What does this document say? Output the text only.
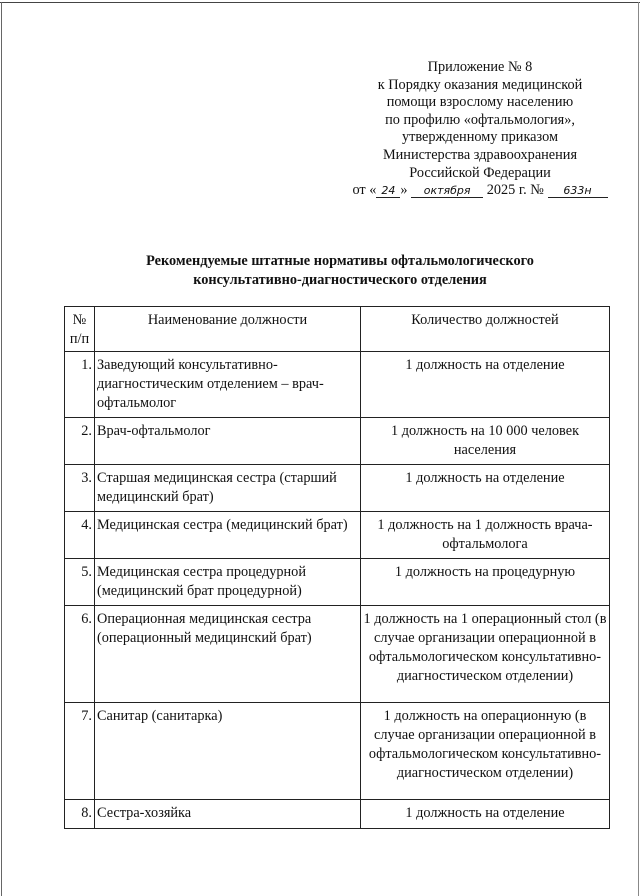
Приложение № 8
к Порядку оказания медицинской
помощи взрослому населению
по профилю «офтальмология»,
утвержденному приказом
Министерства здравоохранения
Российской Федерации
от « 24 » октября 2025 г. № 633н
Рекомендуемые штатные нормативы офтальмологического
консультативно-диагностического отделения
№ п/п	Наименование должности	Количество должностей
1.	Заведующий консультативно-диагностическим отделением – врач-офтальмолог	1 должность на отделение
2.	Врач-офтальмолог	1 должность на 10 000 человек населения
3.	Старшая медицинская сестра (старший медицинский брат)	1 должность на отделение
4.	Медицинская сестра (медицинский брат)	1 должность на 1 должность врача-офтальмолога
5.	Медицинская сестра процедурной (медицинский брат процедурной)	1 должность на процедурную
6.	Операционная медицинская сестра (операционный медицинский брат)	1 должность на 1 операционный стол (в случае организации операционной в офтальмологическом консультативно-диагностическом отделении)
7.	Санитар (санитарка)	1 должность на операционную (в случае организации операционной в офтальмологическом консультативно-диагностическом отделении)
8.	Сестра-хозяйка	1 должность на отделение
